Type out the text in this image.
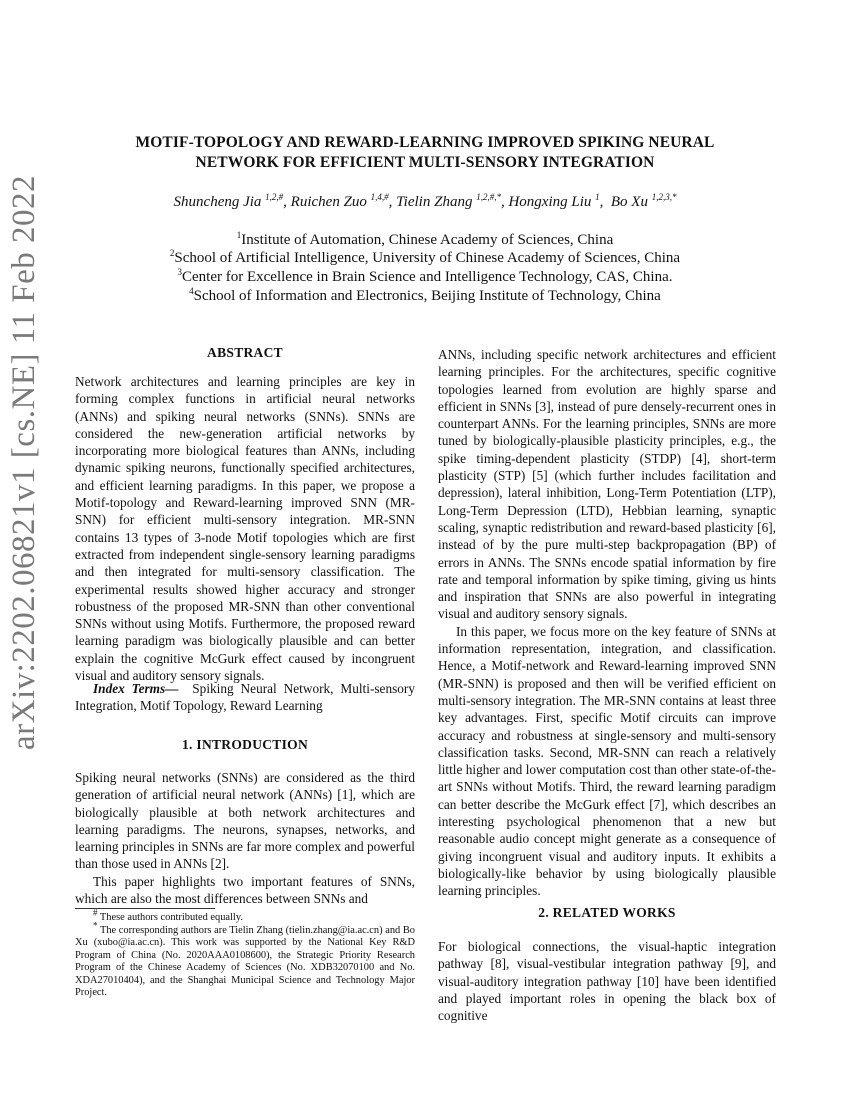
arXiv:2202.06821v1 [cs.NE] 11 Feb 2022
MOTIF-TOPOLOGY AND REWARD-LEARNING IMPROVED SPIKING NEURAL
NETWORK FOR EFFICIENT MULTI-SENSORY INTEGRATION
Shuncheng Jia $^{1,2,\#}$, Ruichen Zuo $^{1,4,\#}$, Tielin Zhang $^{1,2,\#,*}$, Hongxing Liu $^1$,  Bo Xu $^{1,2,3,*}$
$^1$Institute of Automation, Chinese Academy of Sciences, China
$^2$School of Artificial Intelligence, University of Chinese Academy of Sciences, China
$^3$Center for Excellence in Brain Science and Intelligence Technology, CAS, China.
$^4$School of Information and Electronics, Beijing Institute of Technology, China
ABSTRACT

Network architectures and learning principles are key in forming complex functions in artificial neural networks (ANNs) and spiking neural networks (SNNs). SNNs are considered the new-generation artificial networks by incorporating more biological features than ANNs, including dynamic spiking neurons, functionally specified architectures, and efficient learning paradigms. In this paper, we propose a Motif-topology and Reward-learning improved SNN (MR-SNN) for efficient multi-sensory integration. MR-SNN contains 13 types of 3-node Motif topologies which are first extracted from independent single-sensory learning paradigms and then integrated for multi-sensory classification. The experimental results showed higher accuracy and stronger robustness of the proposed MR-SNN than other conventional SNNs without using Motifs. Furthermore, the proposed reward learning paradigm was biologically plausible and can better explain the cognitive McGurk effect caused by incongruent visual and auditory sensory signals.

Index Terms— Spiking Neural Network, Multi-sensory Integration, Motif Topology, Reward Learning

1. INTRODUCTION

Spiking neural networks (SNNs) are considered as the third generation of artificial neural network (ANNs) [1], which are biologically plausible at both network architectures and learning paradigms. The neurons, synapses, networks, and learning principles in SNNs are far more complex and powerful than those used in ANNs [2].

This paper highlights two important features of SNNs, which are also the most differences between SNNs and

# These authors contributed equally.

* The corresponding authors are Tielin Zhang (tielin.zhang@ia.ac.cn) and Bo Xu (xubo@ia.ac.cn). This work was supported by the National Key R&D Program of China (No. 2020AAA0108600), the Strategic Priority Research Program of the Chinese Academy of Sciences (No. XDB32070100 and No. XDA27010404), and the Shanghai Municipal Science and Technology Major Project.

ANNs, including specific network architectures and efficient learning principles. For the architectures, specific cognitive topologies learned from evolution are highly sparse and efficient in SNNs [3], instead of pure densely-recurrent ones in counterpart ANNs. For the learning principles, SNNs are more tuned by biologically-plausible plasticity principles, e.g., the spike timing-dependent plasticity (STDP) [4], short-term plasticity (STP) [5] (which further includes facilitation and depression), lateral inhibition, Long-Term Potentiation (LTP), Long-Term Depression (LTD), Hebbian learning, synaptic scaling, synaptic redistribution and reward-based plasticity [6], instead of by the pure multi-step backpropagation (BP) of errors in ANNs. The SNNs encode spatial information by fire rate and temporal information by spike timing, giving us hints and inspiration that SNNs are also powerful in integrating visual and auditory sensory signals.

In this paper, we focus more on the key feature of SNNs at information representation, integration, and classification. Hence, a Motif-network and Reward-learning improved SNN (MR-SNN) is proposed and then will be verified efficient on multi-sensory integration. The MR-SNN contains at least three key advantages. First, specific Motif circuits can improve accuracy and robustness at single-sensory and multi-sensory classification tasks. Second, MR-SNN can reach a relatively little higher and lower computation cost than other state-of-the-art SNNs without Motifs. Third, the reward learning paradigm can better describe the McGurk effect [7], which describes an interesting psychological phenomenon that a new but reasonable audio concept might generate as a consequence of giving incongruent visual and auditory inputs. It exhibits a biologically-like behavior by using biologically plausible learning principles.

2. RELATED WORKS

For biological connections, the visual-haptic integration pathway [8], visual-vestibular integration pathway [9], and visual-auditory integration pathway [10] have been identified and played important roles in opening the black box of cognitive
